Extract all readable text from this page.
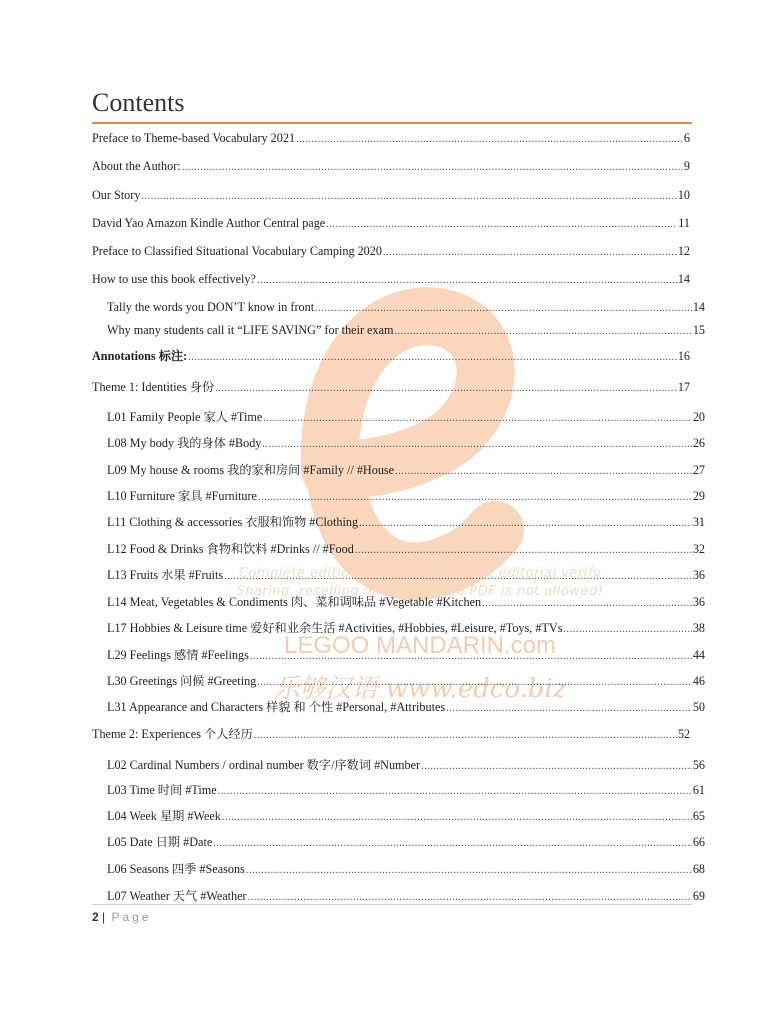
Complete edition need... Data to 1st editorial verify
Sharing, reselling or copying the PDF is not allowed!
LEGOO MANDARIN.com
乐够汉语 www.edco.biz
Contents
Preface to Theme-based Vocabulary 2021 .....	6
About the Author: .....	9
Our Story .....	10
David Yao Amazon Kindle Author Central page .....	11
Preface to Classified Situational Vocabulary Camping 2020 .....	12
How to use this book effectively? .....	14
Tally the words you DON’T know in front .....	14
Why many students call it “LIFE SAVING” for their exam .....	15
Annotations 标注: .....	16
Theme 1: Identities 身份 .....	17
L01 Family People 家人 #Time .....	20
L08 My body 我的身体 #Body .....	26
L09 My house & rooms 我的家和房间 #Family // #House .....	27
L10 Furniture 家具 #Furniture .....	29
L11 Clothing & accessories 衣服和饰物 #Clothing .....	31
L12 Food & Drinks 食物和饮料 #Drinks // #Food .....	32
L13 Fruits 水果 #Fruits .....	36
L14 Meat, Vegetables & Condiments 肉、菜和调味品 #Vegetable #Kitchen .....	36
L17 Hobbies & Leisure time 爱好和业余生活 #Activities, #Hobbies, #Leisure, #Toys, #TVs .....	38
L29 Feelings 感情 #Feelings .....	44
L30 Greetings 问候 #Greeting .....	46
L31 Appearance and Characters 样貌 和 个性 #Personal, #Attributes .....	50
Theme 2: Experiences 个人经历 .....	52
L02 Cardinal Numbers / ordinal number 数字/序数词 #Number .....	56
L03 Time 时间 #Time .....	61
L04 Week 星期 #Week .....	65
L05 Date 日期 #Date .....	66
L06 Seasons 四季 #Seasons .....	68
L07 Weather 天气 #Weather .....	69
2 | Page
